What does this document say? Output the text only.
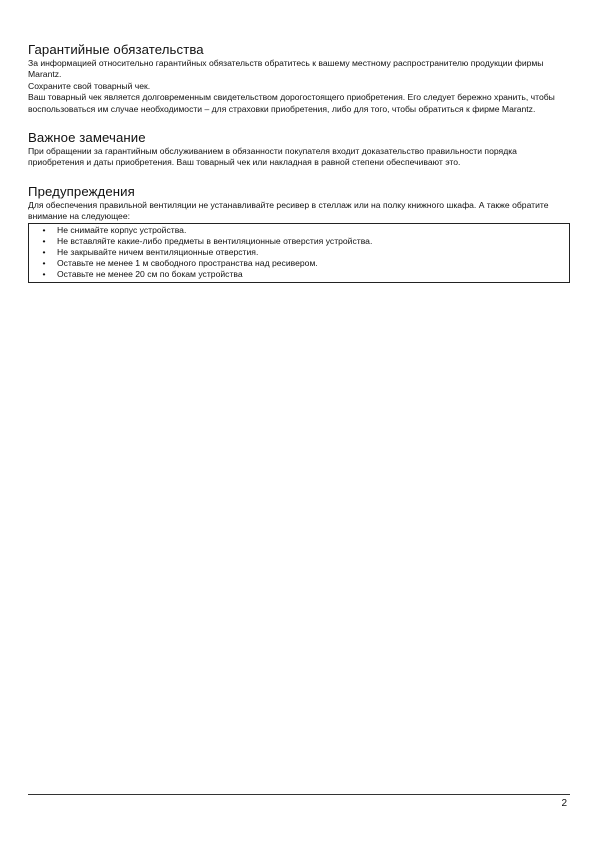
Гарантийные обязательства

За информацией относительно гарантийных обязательств обратитесь к вашему местному распространителю продукции фирмы Marantz.

Сохраните свой товарный чек.

Ваш товарный чек является долговременным свидетельством дорогостоящего приобретения. Его следует бережно хранить, чтобы воспользоваться им случае необходимости – для страховки приобретения, либо для того, чтобы обратиться к фирме Marantz.

Важное замечание

При обращении за гарантийным обслуживанием в обязанности покупателя входит доказательство правильности порядка приобретения и даты приобретения. Ваш товарный чек или накладная в равной степени обеспечивают это.

Предупреждения

Для обеспечения правильной вентиляции не устанавливайте ресивер в стеллаж или на полку книжного шкафа. А также обратите внимание на следующее:

•	Не снимайте корпус устройства.
•	Не вставляйте какие-либо предметы в вентиляционные отверстия устройства.
•	Не закрывайте ничем вентиляционные отверстия.
•	Оставьте не менее 1 м свободного пространства над ресивером.
•	Оставьте не менее 20 см по бокам устройства
2
